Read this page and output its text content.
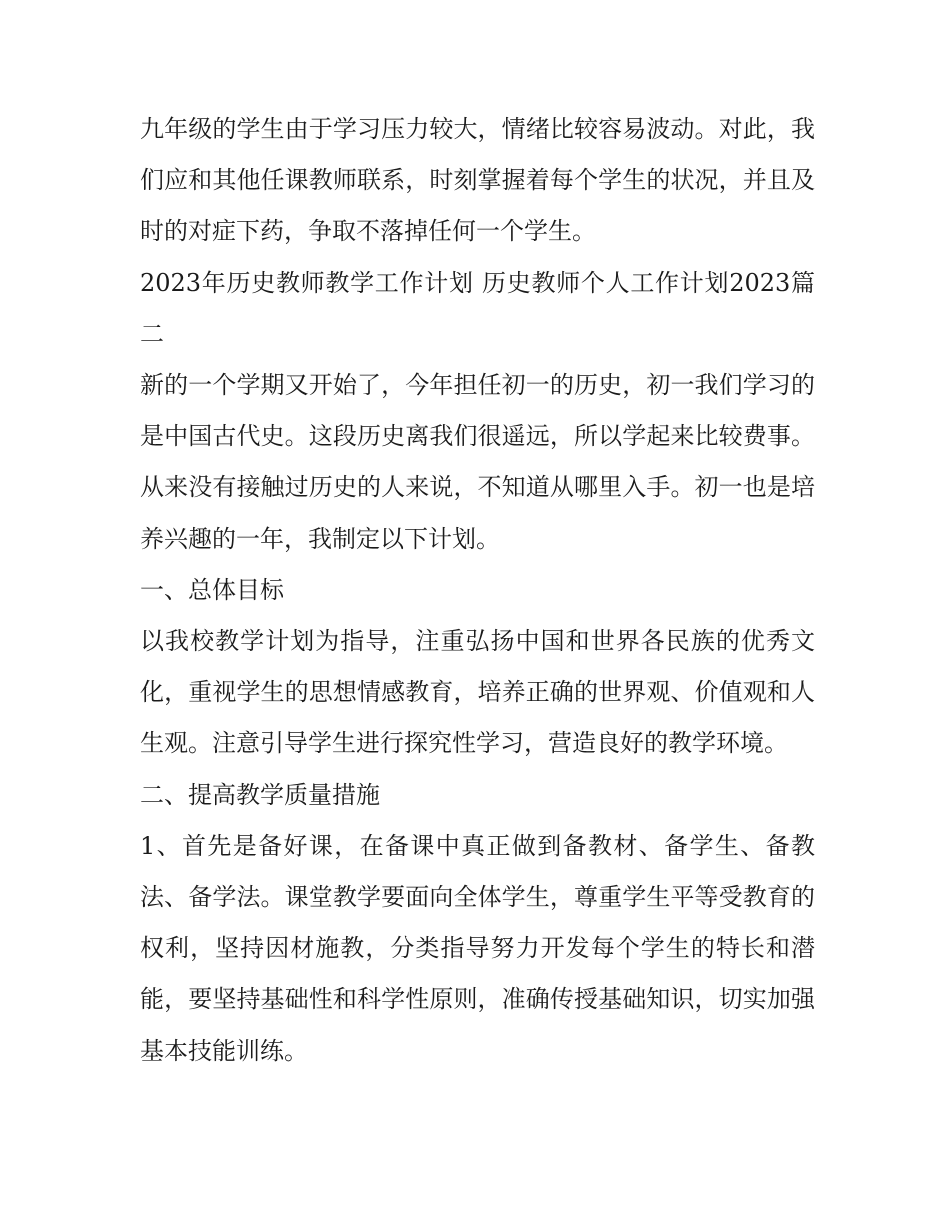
九年级的学生由于学习压力较大，情绪比较容易波动。对此，我们应和其他任课教师联系，时刻掌握着每个学生的状况，并且及时的对症下药，争取不落掉任何一个学生。

2023年历史教师教学工作计划 历史教师个人工作计划2023篇二

新的一个学期又开始了，今年担任初一的历史，初一我们学习的是中国古代史。这段历史离我们很遥远，所以学起来比较费事。从来没有接触过历史的人来说，不知道从哪里入手。初一也是培养兴趣的一年，我制定以下计划。

一、总体目标

以我校教学计划为指导，注重弘扬中国和世界各民族的优秀文化，重视学生的思想情感教育，培养正确的世界观、价值观和人生观。注意引导学生进行探究性学习，营造良好的教学环境。

二、提高教学质量措施

1、首先是备好课，在备课中真正做到备教材、备学生、备教法、备学法。课堂教学要面向全体学生，尊重学生平等受教育的权利，坚持因材施教，分类指导努力开发每个学生的特长和潜能，要坚持基础性和科学性原则，准确传授基础知识，切实加强基本技能训练。
